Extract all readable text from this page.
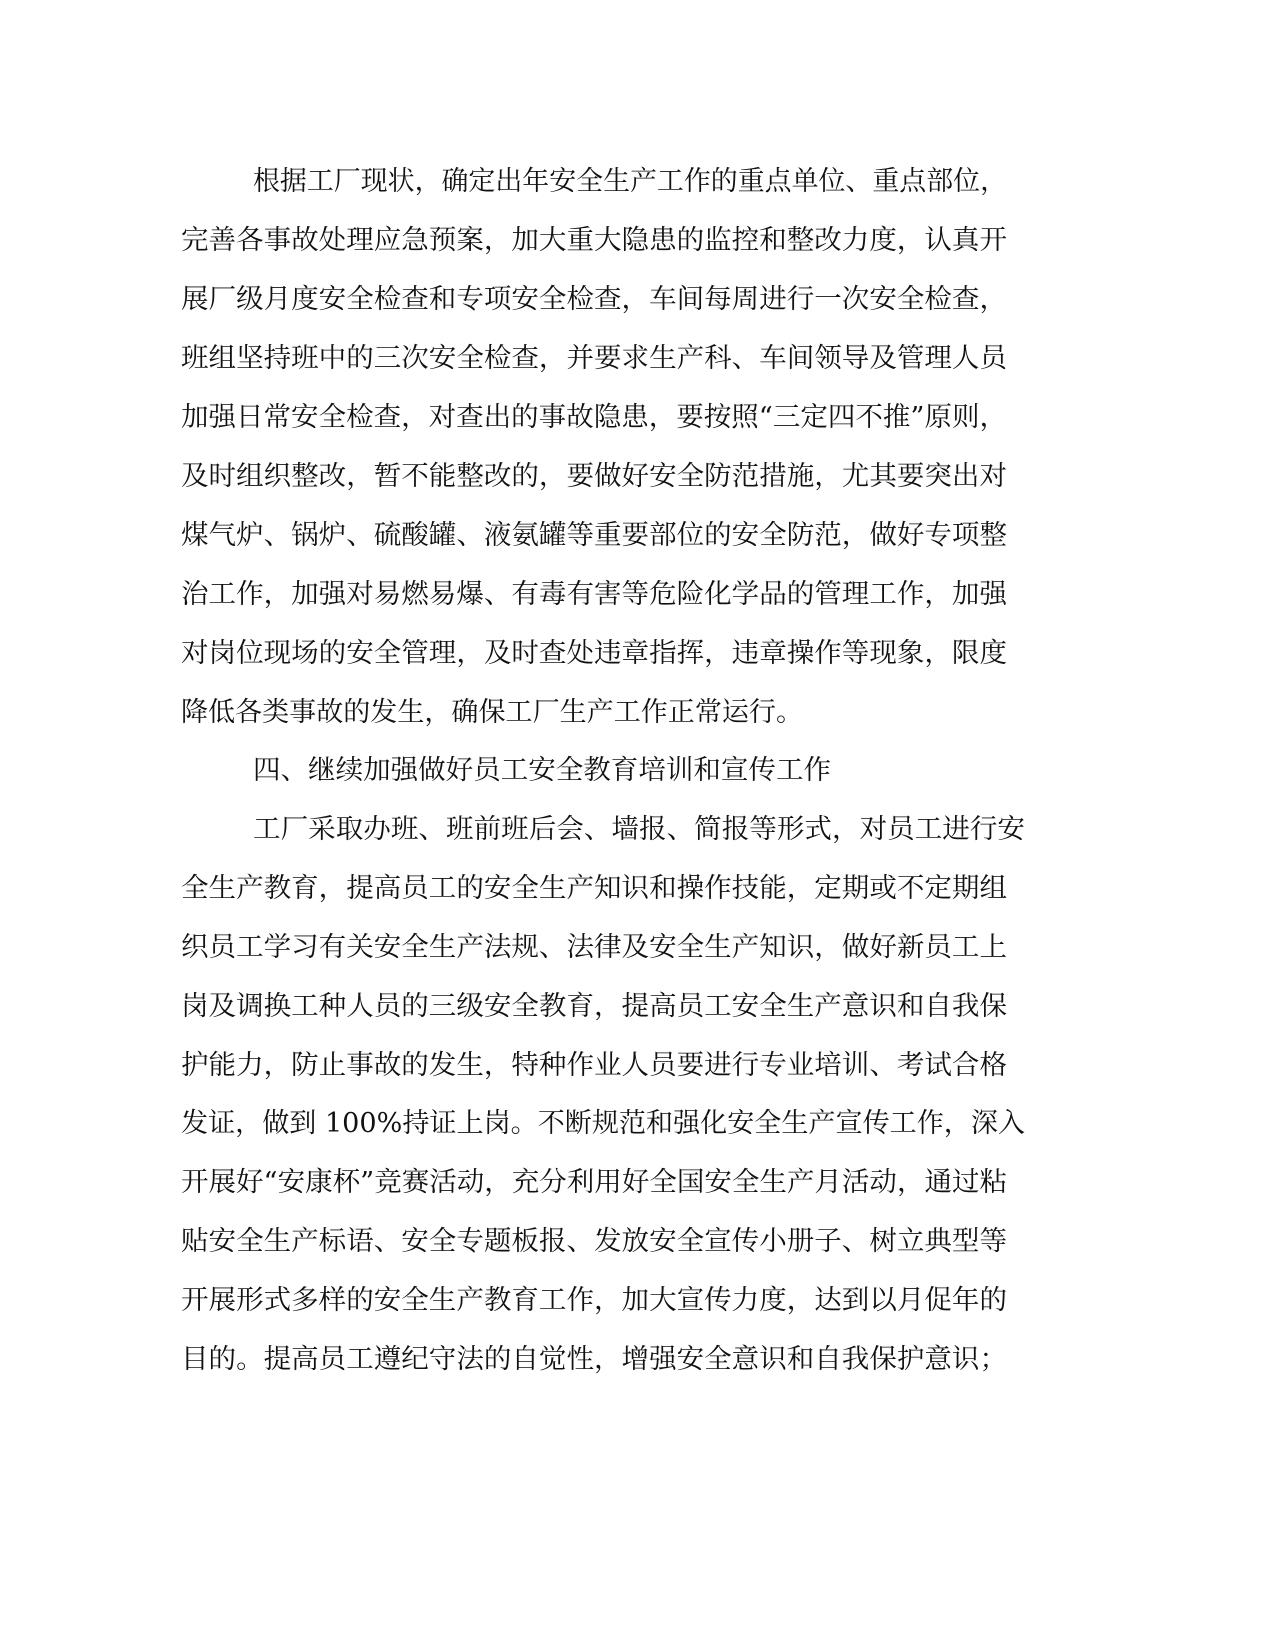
根据工厂现状，确定出年安全生产工作的重点单位、重点部位，
完善各事故处理应急预案，加大重大隐患的监控和整改力度，认真开
展厂级月度安全检查和专项安全检查，车间每周进行一次安全检查，
班组坚持班中的三次安全检查，并要求生产科、车间领导及管理人员
加强日常安全检查，对查出的事故隐患，要按照“三定四不推”原则，
及时组织整改，暂不能整改的，要做好安全防范措施，尤其要突出对
煤气炉、锅炉、硫酸罐、液氨罐等重要部位的安全防范，做好专项整
治工作，加强对易燃易爆、有毒有害等危险化学品的管理工作，加强
对岗位现场的安全管理，及时查处违章指挥，违章操作等现象，限度
降低各类事故的发生，确保工厂生产工作正常运行。
四、继续加强做好员工安全教育培训和宣传工作
工厂采取办班、班前班后会、墙报、简报等形式，对员工进行安
全生产教育，提高员工的安全生产知识和操作技能，定期或不定期组
织员工学习有关安全生产法规、法律及安全生产知识，做好新员工上
岗及调换工种人员的三级安全教育，提高员工安全生产意识和自我保
护能力，防止事故的发生，特种作业人员要进行专业培训、考试合格
发证，做到 100%持证上岗。不断规范和强化安全生产宣传工作，深入
开展好“安康杯”竞赛活动，充分利用好全国安全生产月活动，通过粘
贴安全生产标语、安全专题板报、发放安全宣传小册子、树立典型等
开展形式多样的安全生产教育工作，加大宣传力度，达到以月促年的
目的。提高员工遵纪守法的自觉性，增强安全意识和自我保护意识；
